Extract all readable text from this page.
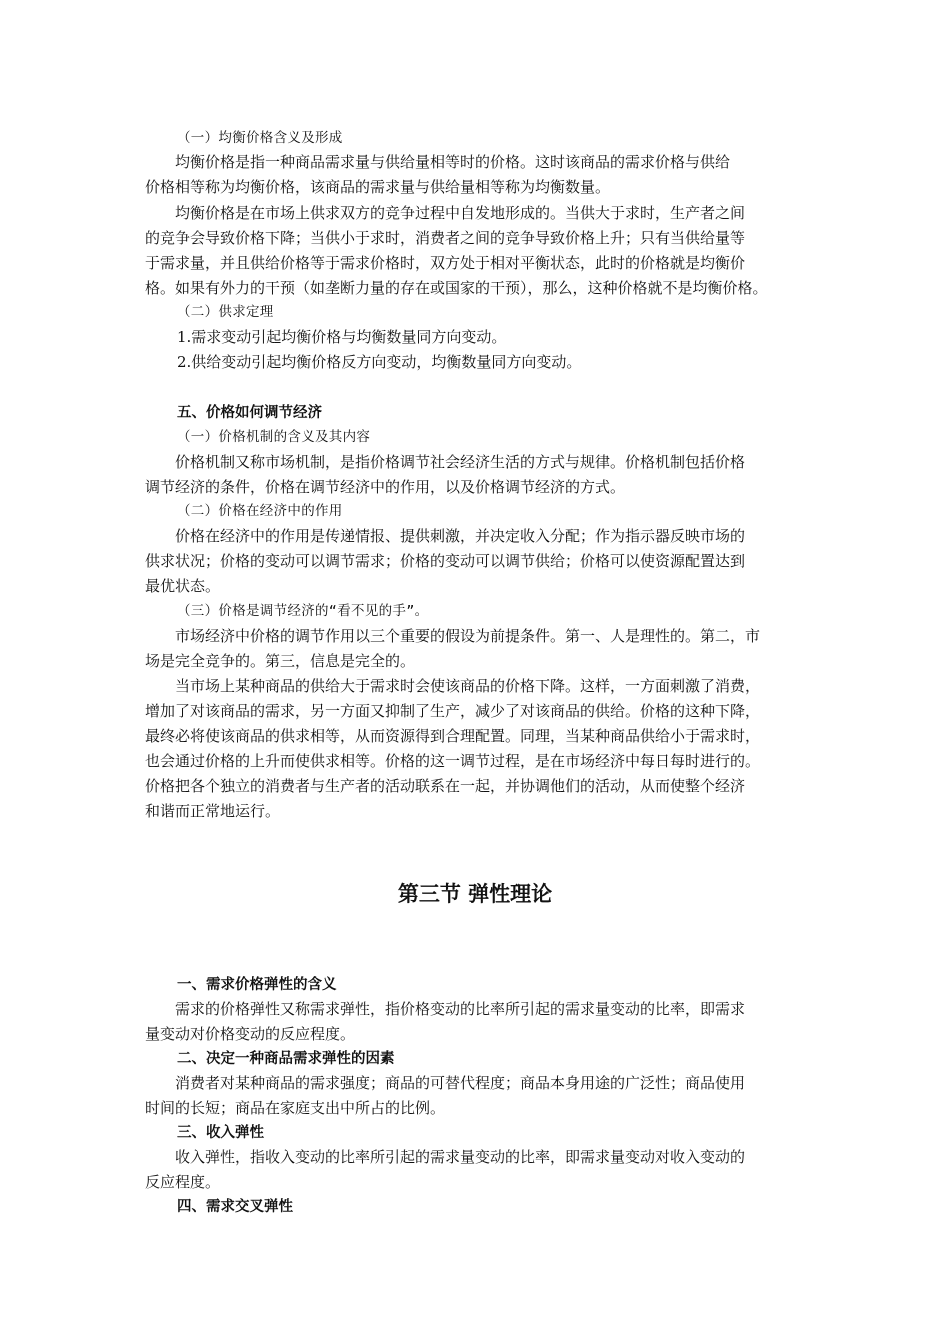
（一）均衡价格含义及形成
　　均衡价格是指一种商品需求量与供给量相等时的价格。这时该商品的需求价格与供给
价格相等称为均衡价格，该商品的需求量与供给量相等称为均衡数量。
　　均衡价格是在市场上供求双方的竞争过程中自发地形成的。当供大于求时，生产者之间
的竞争会导致价格下降；当供小于求时，消费者之间的竞争导致价格上升；只有当供给量等
于需求量，并且供给价格等于需求价格时，双方处于相对平衡状态，此时的价格就是均衡价
格。如果有外力的干预（如垄断力量的存在或国家的干预），那么，这种价格就不是均衡价格。
（二）供求定理
1.需求变动引起均衡价格与均衡数量同方向变动。
2.供给变动引起均衡价格反方向变动，均衡数量同方向变动。
五、价格如何调节经济
（一）价格机制的含义及其内容
　　价格机制又称市场机制，是指价格调节社会经济生活的方式与规律。价格机制包括价格
调节经济的条件，价格在调节经济中的作用，以及价格调节经济的方式。
（二）价格在经济中的作用
　　价格在经济中的作用是传递情报、提供刺激，并决定收入分配；作为指示器反映市场的
供求状况；价格的变动可以调节需求；价格的变动可以调节供给；价格可以使资源配置达到
最优状态。
（三）价格是调节经济的“看不见的手”。
　　市场经济中价格的调节作用以三个重要的假设为前提条件。第一、人是理性的。第二，市
场是完全竞争的。第三，信息是完全的。
　　当市场上某种商品的供给大于需求时会使该商品的价格下降。这样，一方面刺激了消费，
增加了对该商品的需求，另一方面又抑制了生产，减少了对该商品的供给。价格的这种下降，
最终必将使该商品的供求相等，从而资源得到合理配置。同理，当某种商品供给小于需求时，
也会通过价格的上升而使供求相等。价格的这一调节过程，是在市场经济中每日每时进行的。
价格把各个独立的消费者与生产者的活动联系在一起，并协调他们的活动，从而使整个经济
和谐而正常地运行。
第三节 弹性理论
一、需求价格弹性的含义
　　需求的价格弹性又称需求弹性，指价格变动的比率所引起的需求量变动的比率，即需求
量变动对价格变动的反应程度。
二、决定一种商品需求弹性的因素
　　消费者对某种商品的需求强度；商品的可替代程度；商品本身用途的广泛性；商品使用
时间的长短；商品在家庭支出中所占的比例。
三、收入弹性
　　收入弹性，指收入变动的比率所引起的需求量变动的比率，即需求量变动对收入变动的
反应程度。
四、需求交叉弹性
